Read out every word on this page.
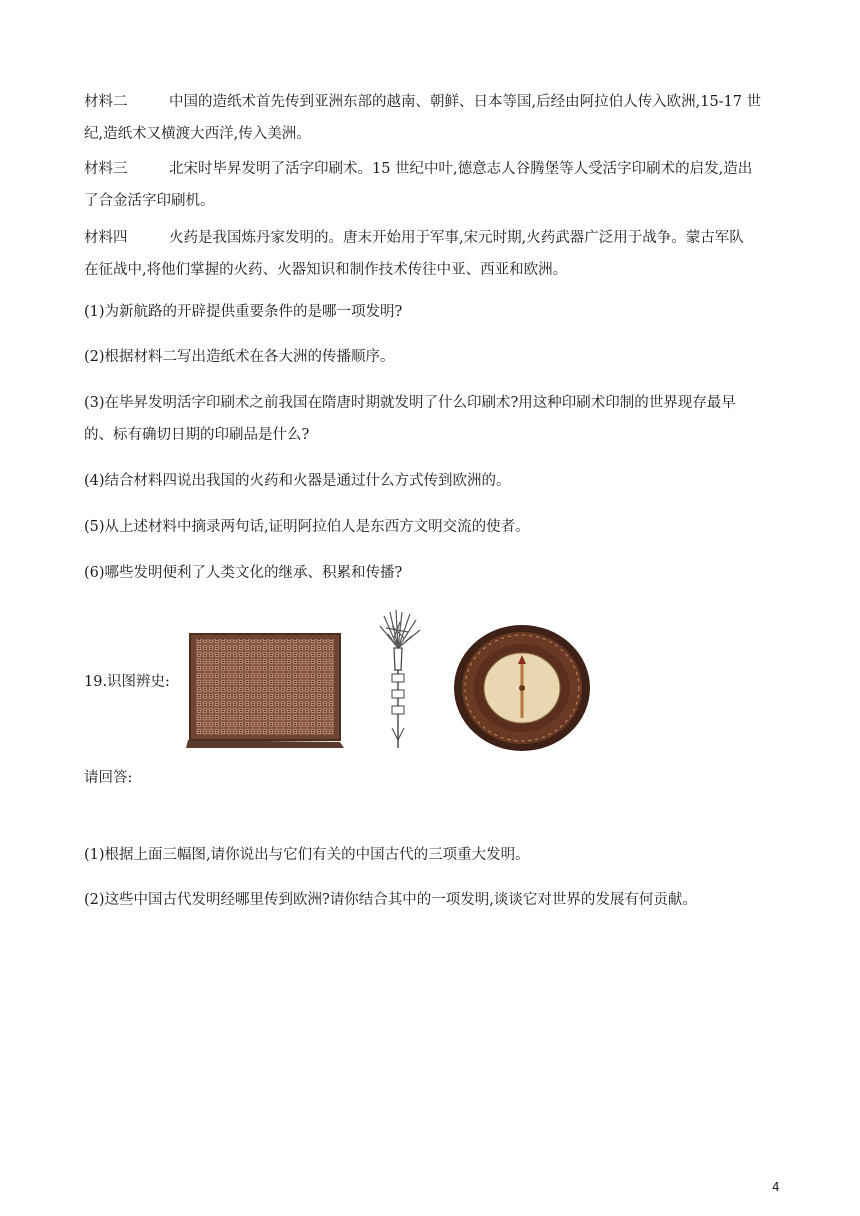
材料二	中国的造纸术首先传到亚洲东部的越南、朝鲜、日本等国,后经由阿拉伯人传入欧洲,15-17 世
纪,造纸术又横渡大西洋,传入美洲。
材料三	北宋时毕昇发明了活字印刷术。15 世纪中叶,德意志人谷腾堡等人受活字印刷术的启发,造出
了合金活字印刷机。
材料四	火药是我国炼丹家发明的。唐末开始用于军事,宋元时期,火药武器广泛用于战争。蒙古军队
在征战中,将他们掌握的火药、火器知识和制作技术传往中亚、西亚和欧洲。
(1)为新航路的开辟提供重要条件的是哪一项发明?
(2)根据材料二写出造纸术在各大洲的传播顺序。
(3)在毕昇发明活字印刷术之前我国在隋唐时期就发明了什么印刷术?用这种印刷术印制的世界现存最早
的、标有确切日期的印刷品是什么?
(4)结合材料四说出我国的火药和火器是通过什么方式传到欧洲的。
(5)从上述材料中摘录两句话,证明阿拉伯人是东西方文明交流的使者。
(6)哪些发明便利了人类文化的继承、积累和传播?
19.识图辨史:
请回答:
(1)根据上面三幅图,请你说出与它们有关的中国古代的三项重大发明。
(2)这些中国古代发明经哪里传到欧洲?请你结合其中的一项发明,谈谈它对世界的发展有何贡献。
4
